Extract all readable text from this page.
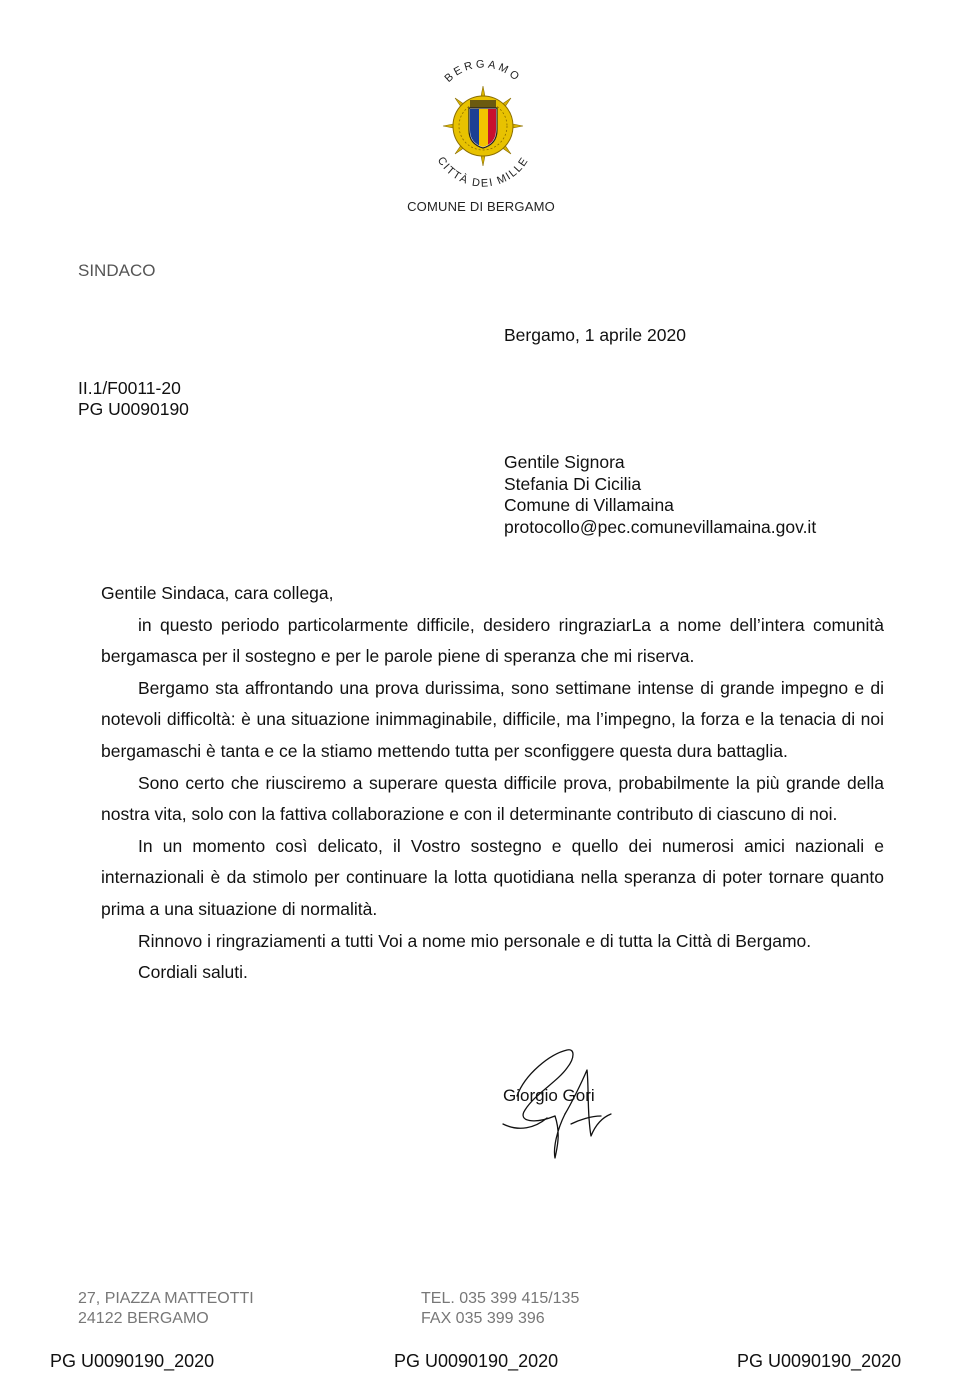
BERGAMO
CITTÀ DEI MILLE
COMUNE DI BERGAMO
SINDACO
Bergamo, 1 aprile 2020
II.1/F0011-20
PG U0090190
Gentile Signora
Stefania Di Cicilia
Comune di Villamaina
protocollo@pec.comunevillamaina.gov.it

Gentile Sindaca, cara collega,

in questo periodo particolarmente difficile, desidero ringraziarLa a nome dell’intera comunità bergamasca per il sostegno e per le parole piene di speranza che mi riserva.

Bergamo sta affrontando una prova durissima, sono settimane intense di grande impegno e di notevoli difficoltà: è una situazione inimmaginabile, difficile, ma l’impegno, la forza e la tenacia di noi bergamaschi è tanta e ce la stiamo mettendo tutta per sconfiggere questa dura battaglia.

Sono certo che riusciremo a superare questa difficile prova, probabilmente la più grande della nostra vita, solo con la fattiva collaborazione e con il determinante contributo di ciascuno di noi.

In un momento così delicato, il Vostro sostegno e quello dei numerosi amici nazionali e internazionali è da stimolo per continuare la lotta quotidiana nella speranza di poter tornare quanto prima a una situazione di normalità.

Rinnovo i ringraziamenti a tutti Voi a nome mio personale e di tutta la Città di Bergamo.

Cordiali saluti.

Giorgio Gori
27, PIAZZA MATTEOTTI
24122 BERGAMO
TEL. 035 399 415/135
FAX 035 399 396
PG U0090190_2020	PG U0090190_2020	PG U0090190_2020
